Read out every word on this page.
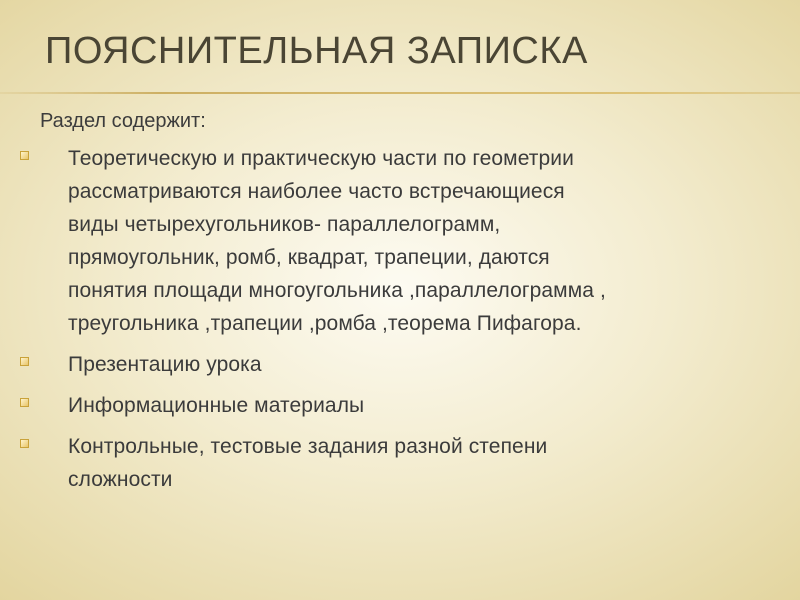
ПОЯСНИТЕЛЬНАЯ ЗАПИСКА

Раздел содержит:

Теоретическую и практическую части по геометрии
рассматриваются наиболее часто встречающиеся
виды четырехугольников- параллелограмм,
прямоугольник, ромб, квадрат, трапеции, даются
понятия площади многоугольника ,параллелограмма ,
треугольника ,трапеции ,ромба ,теорема Пифагора.
Презентацию урока
Информационные материалы
Контрольные, тестовые задания разной степени
сложности
